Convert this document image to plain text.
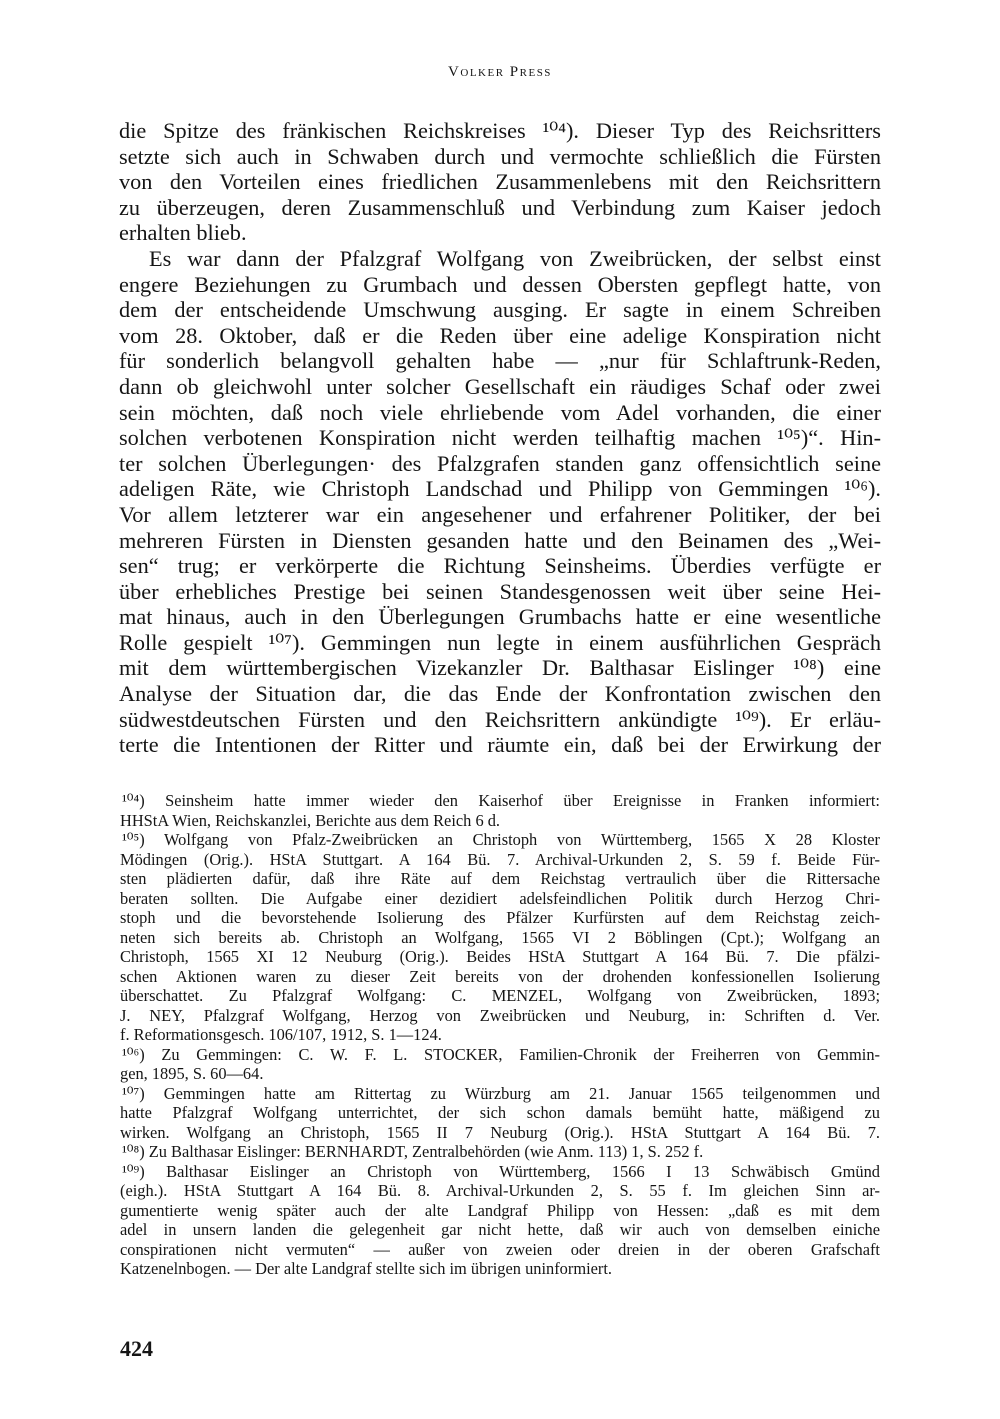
Volker Press
die Spitze des fränkischen Reichskreises ¹⁰⁴). Dieser Typ des Reichsritters
setzte sich auch in Schwaben durch und vermochte schließlich die Fürsten
von den Vorteilen eines friedlichen Zusammenlebens mit den Reichsrittern
zu überzeugen, deren Zusammenschluß und Verbindung zum Kaiser jedoch
erhalten blieb.
Es war dann der Pfalzgraf Wolfgang von Zweibrücken, der selbst einst
engere Beziehungen zu Grumbach und dessen Obersten gepflegt hatte, von
dem der entscheidende Umschwung ausging. Er sagte in einem Schreiben
vom 28. Oktober, daß er die Reden über eine adelige Konspiration nicht
für sonderlich belangvoll gehalten habe — „nur für Schlaftrunk-Reden,
dann ob gleichwohl unter solcher Gesellschaft ein räudiges Schaf oder zwei
sein möchten, daß noch viele ehrliebende vom Adel vorhanden, die einer
solchen verbotenen Konspiration nicht werden teilhaftig machen ¹⁰⁵)“. Hin-
ter solchen Überlegungen· des Pfalzgrafen standen ganz offensichtlich seine
adeligen Räte, wie Christoph Landschad und Philipp von Gemmingen ¹⁰⁶).
Vor allem letzterer war ein angesehener und erfahrener Politiker, der bei
mehreren Fürsten in Diensten gesanden hatte und den Beinamen des „Wei-
sen“ trug; er verkörperte die Richtung Seinsheims. Überdies verfügte er
über erhebliches Prestige bei seinen Standesgenossen weit über seine Hei-
mat hinaus, auch in den Überlegungen Grumbachs hatte er eine wesentliche
Rolle gespielt ¹⁰⁷). Gemmingen nun legte in einem ausführlichen Gespräch
mit dem württembergischen Vizekanzler Dr. Balthasar Eislinger ¹⁰⁸) eine
Analyse der Situation dar, die das Ende der Konfrontation zwischen den
südwestdeutschen Fürsten und den Reichsrittern ankündigte ¹⁰⁹). Er erläu-
terte die Intentionen der Ritter und räumte ein, daß bei der Erwirkung der
¹⁰⁴) Seinsheim hatte immer wieder den Kaiserhof über Ereignisse in Franken informiert:
HHStA Wien, Reichskanzlei, Berichte aus dem Reich 6 d.
¹⁰⁵) Wolfgang von Pfalz-Zweibrücken an Christoph von Württemberg, 1565 X 28 Kloster
Mödingen (Orig.). HStA Stuttgart. A 164 Bü. 7. Archival-Urkunden 2, S. 59 f. Beide Für-
sten plädierten dafür, daß ihre Räte auf dem Reichstag vertraulich über die Rittersache
beraten sollten. Die Aufgabe einer dezidiert adelsfeindlichen Politik durch Herzog Chri-
stoph und die bevorstehende Isolierung des Pfälzer Kurfürsten auf dem Reichstag zeich-
neten sich bereits ab. Christoph an Wolfgang, 1565 VI 2 Böblingen (Cpt.); Wolfgang an
Christoph, 1565 XI 12 Neuburg (Orig.). Beides HStA Stuttgart A 164 Bü. 7. Die pfälzi-
schen Aktionen waren zu dieser Zeit bereits von der drohenden konfessionellen Isolierung
überschattet. Zu Pfalzgraf Wolfgang: C. MENZEL, Wolfgang von Zweibrücken, 1893;
J. NEY, Pfalzgraf Wolfgang, Herzog von Zweibrücken und Neuburg, in: Schriften d. Ver.
f. Reformationsgesch. 106/107, 1912, S. 1—124.
¹⁰⁶) Zu Gemmingen: C. W. F. L. STOCKER, Familien-Chronik der Freiherren von Gemmin-
gen, 1895, S. 60—64.
¹⁰⁷) Gemmingen hatte am Rittertag zu Würzburg am 21. Januar 1565 teilgenommen und
hatte Pfalzgraf Wolfgang unterrichtet, der sich schon damals bemüht hatte, mäßigend zu
wirken. Wolfgang an Christoph, 1565 II 7 Neuburg (Orig.). HStA Stuttgart A 164 Bü. 7.
¹⁰⁸) Zu Balthasar Eislinger: BERNHARDT, Zentralbehörden (wie Anm. 113) 1, S. 252 f.
¹⁰⁹) Balthasar Eislinger an Christoph von Württemberg, 1566 I 13 Schwäbisch Gmünd
(eigh.). HStA Stuttgart A 164 Bü. 8. Archival-Urkunden 2, S. 55 f. Im gleichen Sinn ar-
gumentierte wenig später auch der alte Landgraf Philipp von Hessen: „daß es mit dem
adel in unsern landen die gelegenheit gar nicht hette, daß wir auch von demselben einiche
conspirationen nicht vermuten“ — außer von zweien oder dreien in der oberen Grafschaft
Katzenelnbogen. — Der alte Landgraf stellte sich im übrigen uninformiert.
424
